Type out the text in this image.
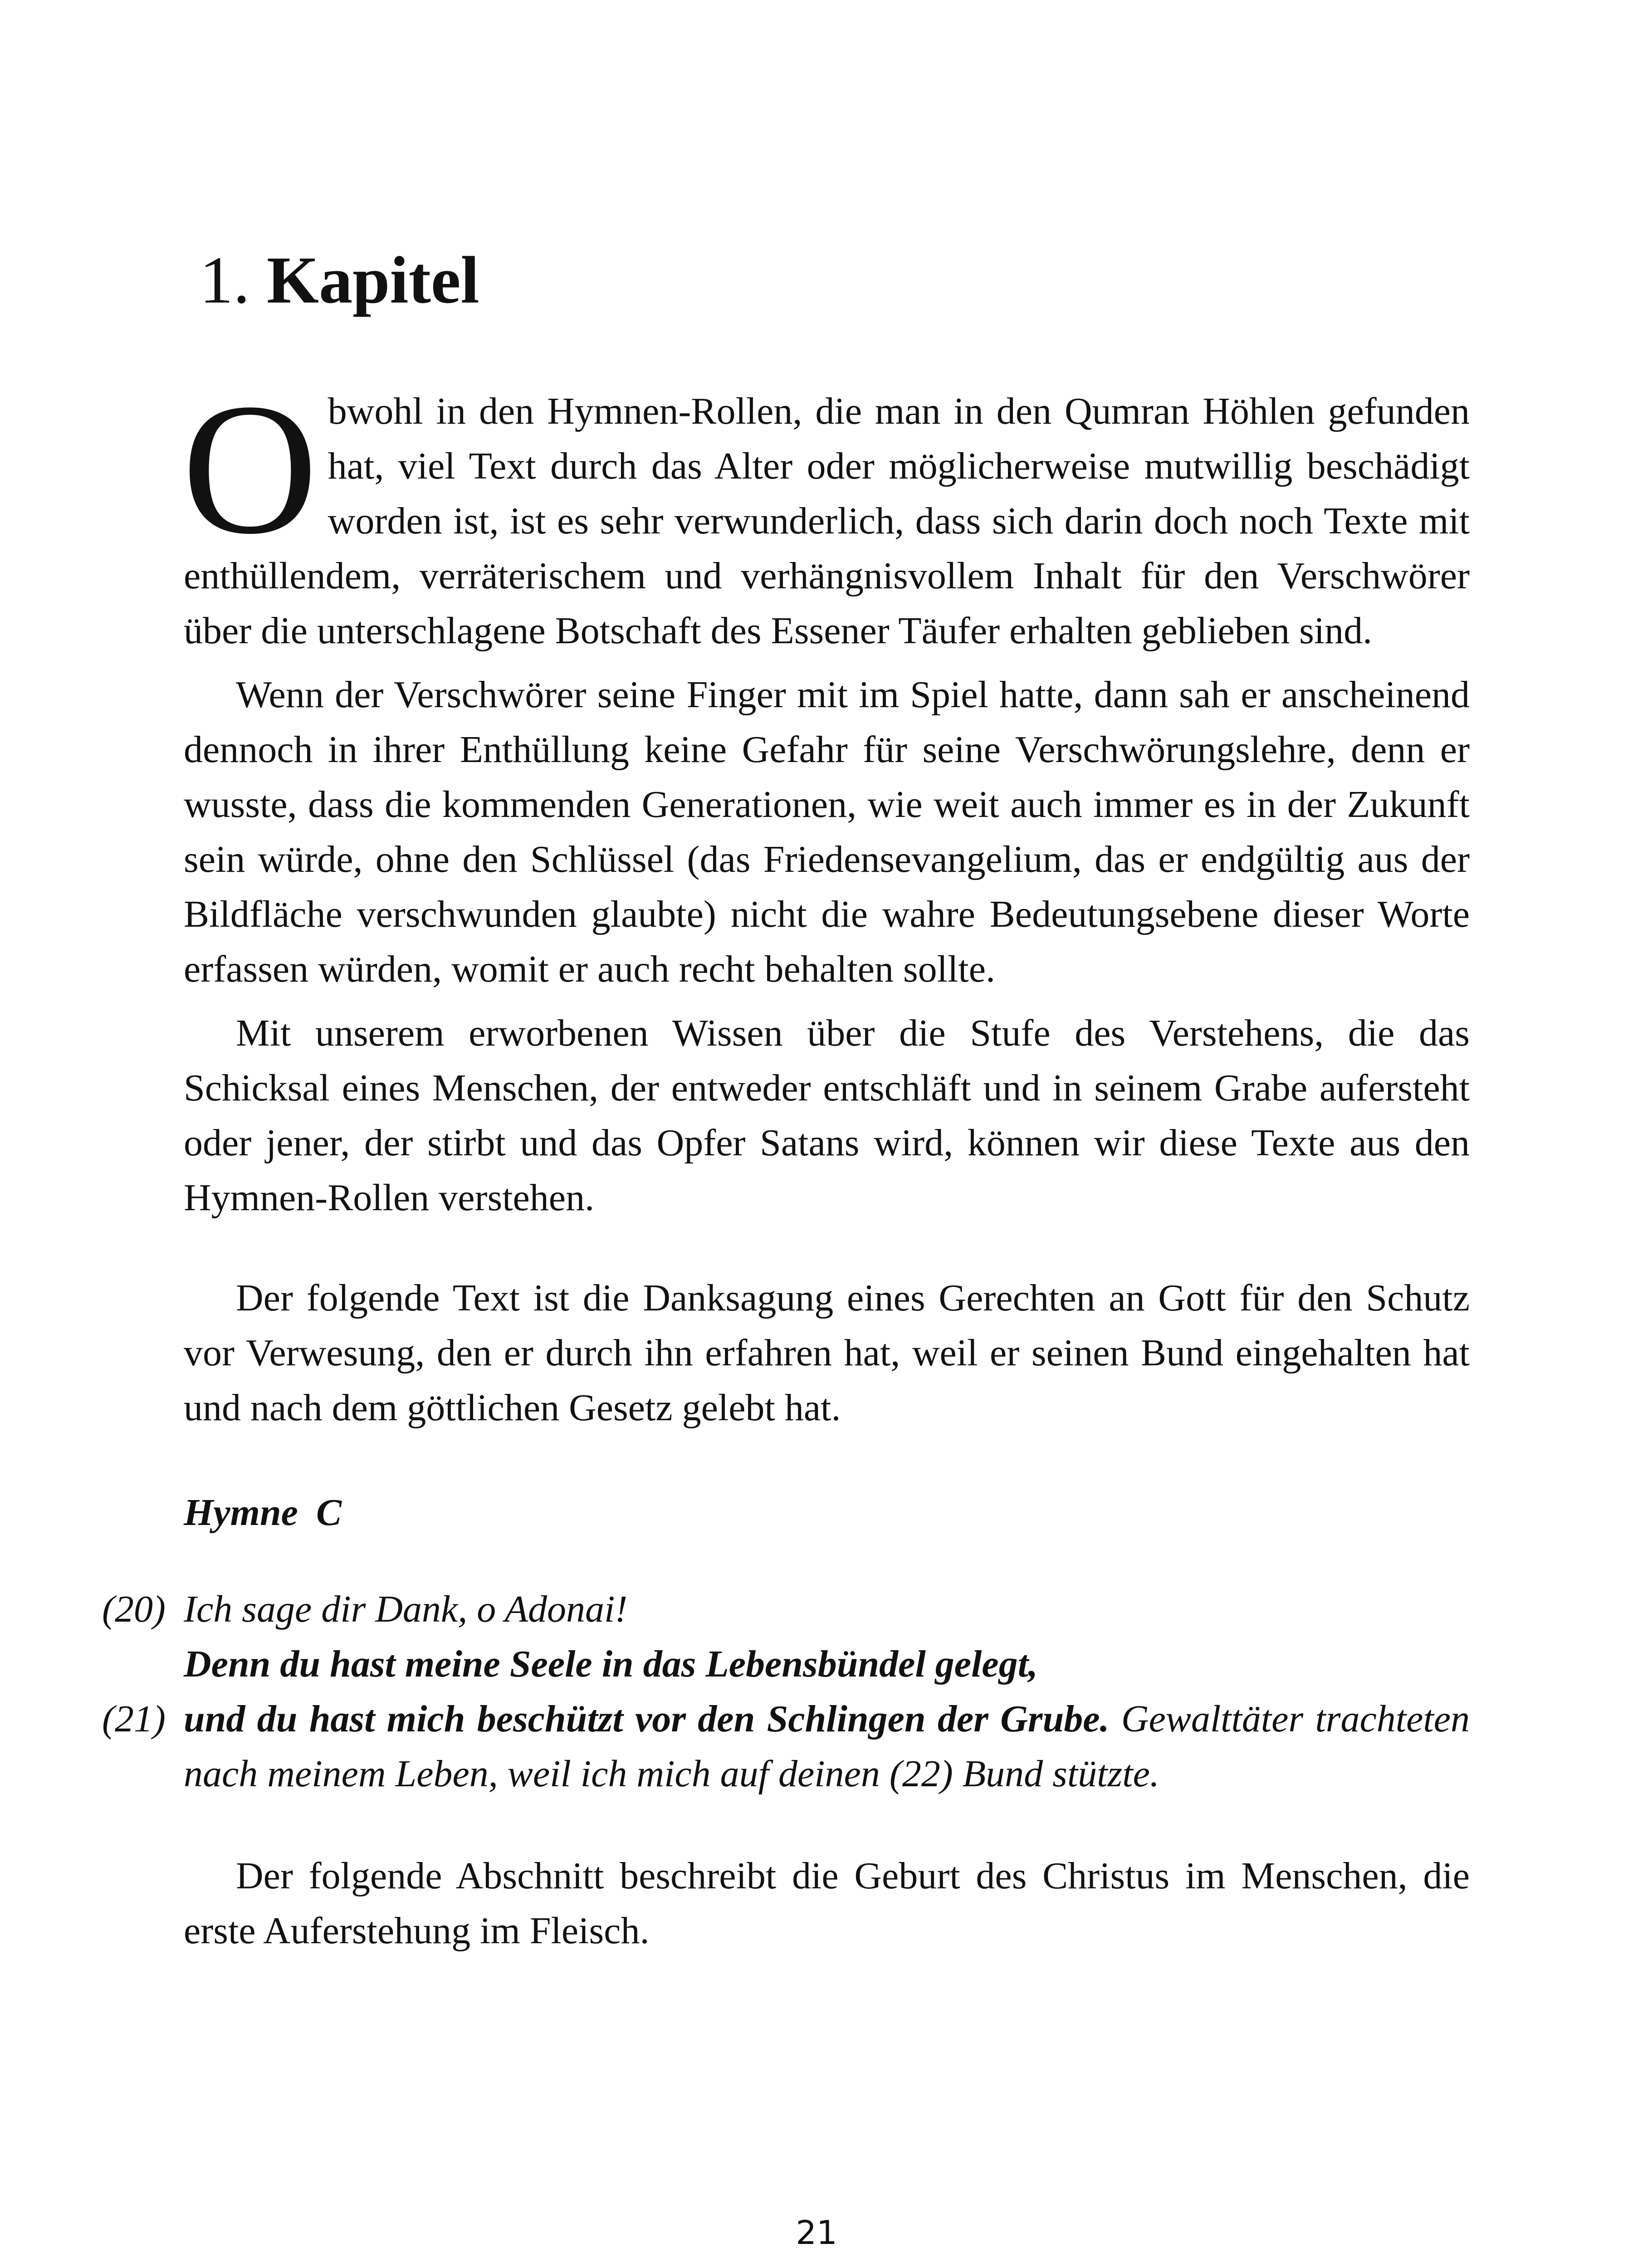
1. Kapitel

Obwohl in den Hymnen-Rollen, die man in den Qumran Höhlen gefunden hat, viel Text durch das Alter oder möglicherweise mutwillig beschädigt worden ist, ist es sehr verwunderlich, dass sich darin doch noch Texte mit enthüllendem, verräterischem und verhängnisvollem Inhalt für den Verschwörer über die unterschlagene Botschaft des Essener Täufer erhalten geblieben sind.

Wenn der Verschwörer seine Finger mit im Spiel hatte, dann sah er anscheinend dennoch in ihrer Enthüllung keine Gefahr für seine Verschwörungslehre, denn er wusste, dass die kommenden Generationen, wie weit auch immer es in der Zukunft sein würde, ohne den Schlüssel (das Friedensevangelium, das er endgültig aus der Bildfläche verschwunden glaubte) nicht die wahre Bedeutungsebene dieser Worte erfassen würden, womit er auch recht behalten sollte.

Mit unserem erworbenen Wissen über die Stufe des Verstehens, die das Schicksal eines Menschen, der entweder entschläft und in seinem Grabe aufersteht oder jener, der stirbt und das Opfer Satans wird, können wir diese Texte aus den Hymnen-Rollen verstehen.

Der folgende Text ist die Danksagung eines Gerechten an Gott für den Schutz vor Verwesung, den er durch ihn erfahren hat, weil er seinen Bund eingehalten hat und nach dem göttlichen Gesetz gelebt hat.

Hymne C

(20) Ich sage dir Dank, o Adonai!

Denn du hast meine Seele in das Lebensbündel gelegt,

(21) und du hast mich beschützt vor den Schlingen der Grube. Gewalttäter trachteten nach meinem Leben, weil ich mich auf deinen (22) Bund stützte.

Der folgende Abschnitt beschreibt die Geburt des Christus im Menschen, die erste Auferstehung im Fleisch.

21
